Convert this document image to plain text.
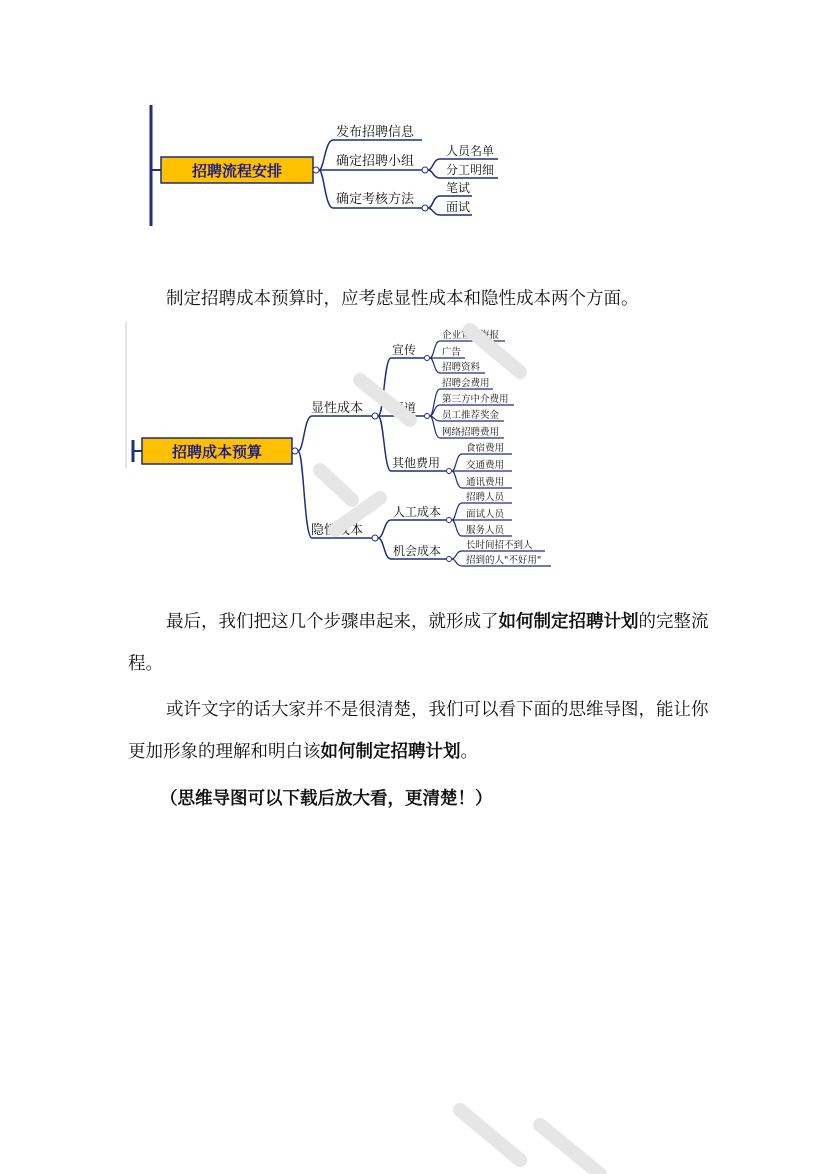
招聘流程安排
发布招聘信息
确定招聘小组
确定考核方法
人员名单
分工明细
笔试
面试

制定招聘成本预算时，应考虑显性成本和隐性成本两个方面。

招聘成本预算
显性成本
隐性成本
宣传
渠道
其他费用
企业宣传海报
广告
招聘资料
招聘会费用
第三方中介费用
员工推荐奖金
网络招聘费用
食宿费用
交通费用
通讯费用
人工成本
机会成本
招聘人员
面试人员
服务人员
长时间招不到人
招到的人"不好用"

最后，我们把这几个步骤串起来，就形成了如何制定招聘计划的完整流程。

或许文字的话大家并不是很清楚，我们可以看下面的思维导图，能让你更加形象的理解和明白该如何制定招聘计划。

（思维导图可以下载后放大看，更清楚！）
